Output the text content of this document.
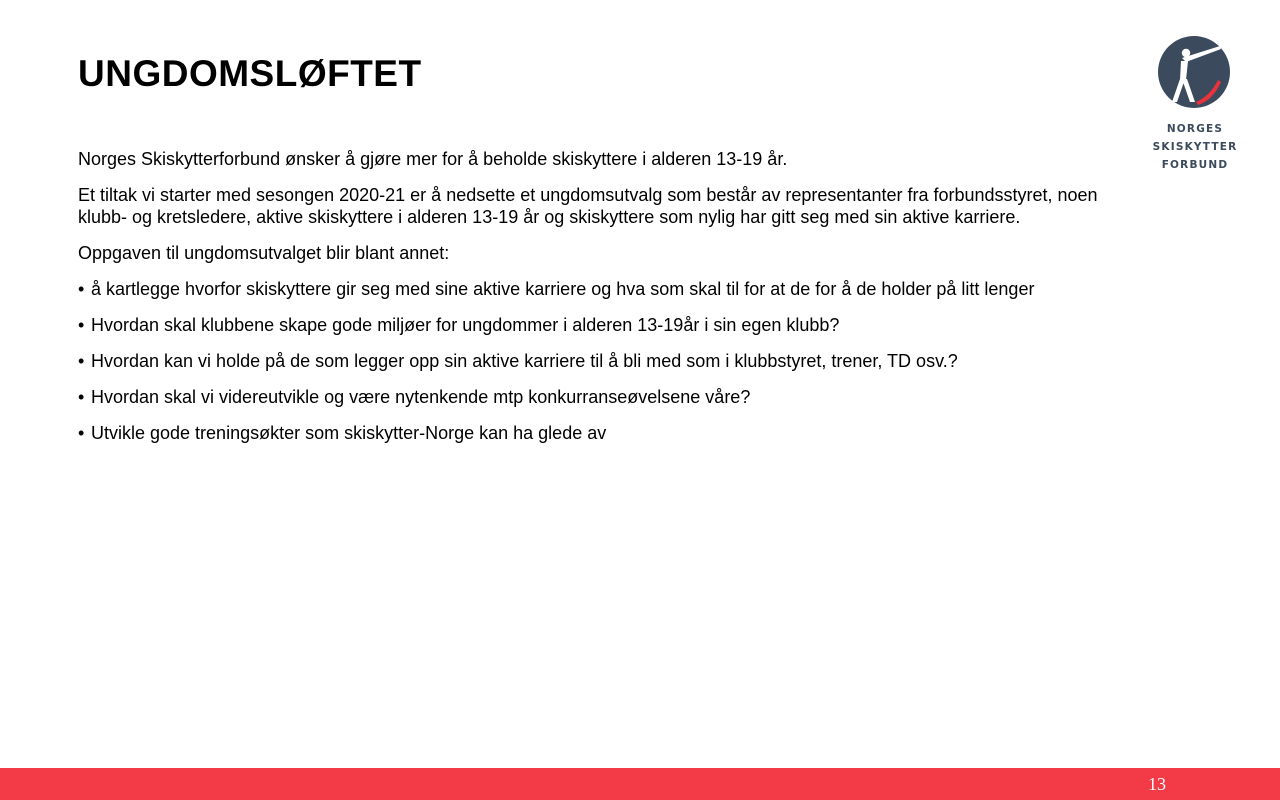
UNGDOMSLØFTET

Norges Skiskytterforbund ønsker å gjøre mer for å beholde skiskyttere i alderen 13-19 år.

Et tiltak vi starter med sesongen 2020-21 er å nedsette et ungdomsutvalg som består av representanter fra forbundsstyret, noen klubb- og kretsledere, aktive skiskyttere i alderen 13-19 år og skiskyttere som nylig har gitt seg med sin aktive karriere.

Oppgaven til ungdomsutvalget blir blant annet:

• å kartlegge hvorfor skiskyttere gir seg med sine aktive karriere og hva som skal til for at de for å de holder på litt lenger
• Hvordan skal klubbene skape gode miljøer for ungdommer i alderen 13-19år i sin egen klubb?
• Hvordan kan vi holde på de som legger opp sin aktive karriere til å bli med som i klubbstyret, trener, TD osv.?
• Hvordan skal vi videreutvikle og være nytenkende mtp konkurranseøvelsene våre?
• Utvikle gode treningsøkter som skiskytter-Norge kan ha glede av
NORGES
SKISKYTTER
FORBUND
13
